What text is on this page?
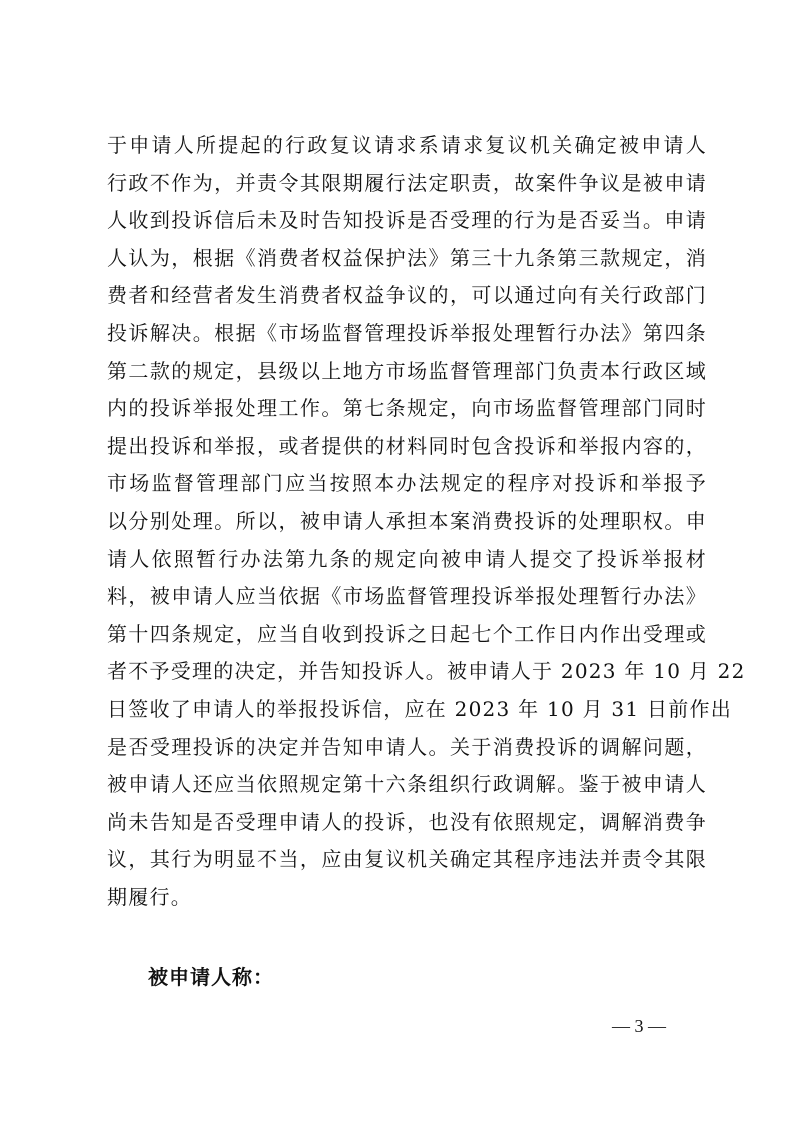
于申请人所提起的行政复议请求系请求复议机关确定被申请人
行政不作为，并责令其限期履行法定职责，故案件争议是被申请
人收到投诉信后未及时告知投诉是否受理的行为是否妥当。申请
人认为，根据《消费者权益保护法》第三十九条第三款规定，消
费者和经营者发生消费者权益争议的，可以通过向有关行政部门
投诉解决。根据《市场监督管理投诉举报处理暂行办法》第四条
第二款的规定，县级以上地方市场监督管理部门负责本行政区域
内的投诉举报处理工作。第七条规定，向市场监督管理部门同时
提出投诉和举报，或者提供的材料同时包含投诉和举报内容的，
市场监督管理部门应当按照本办法规定的程序对投诉和举报予
以分别处理。所以，被申请人承担本案消费投诉的处理职权。申
请人依照暂行办法第九条的规定向被申请人提交了投诉举报材
料，被申请人应当依据《市场监督管理投诉举报处理暂行办法》
第十四条规定，应当自收到投诉之日起七个工作日内作出受理或
者不予受理的决定，并告知投诉人。被申请人于 2023 年 10 月 22
日签收了申请人的举报投诉信，应在 2023 年 10 月 31 日前作出
是否受理投诉的决定并告知申请人。关于消费投诉的调解问题，
被申请人还应当依照规定第十六条组织行政调解。鉴于被申请人
尚未告知是否受理申请人的投诉，也没有依照规定，调解消费争
议，其行为明显不当，应由复议机关确定其程序违法并责令其限
期履行。
被申请人称：
— 3 —
